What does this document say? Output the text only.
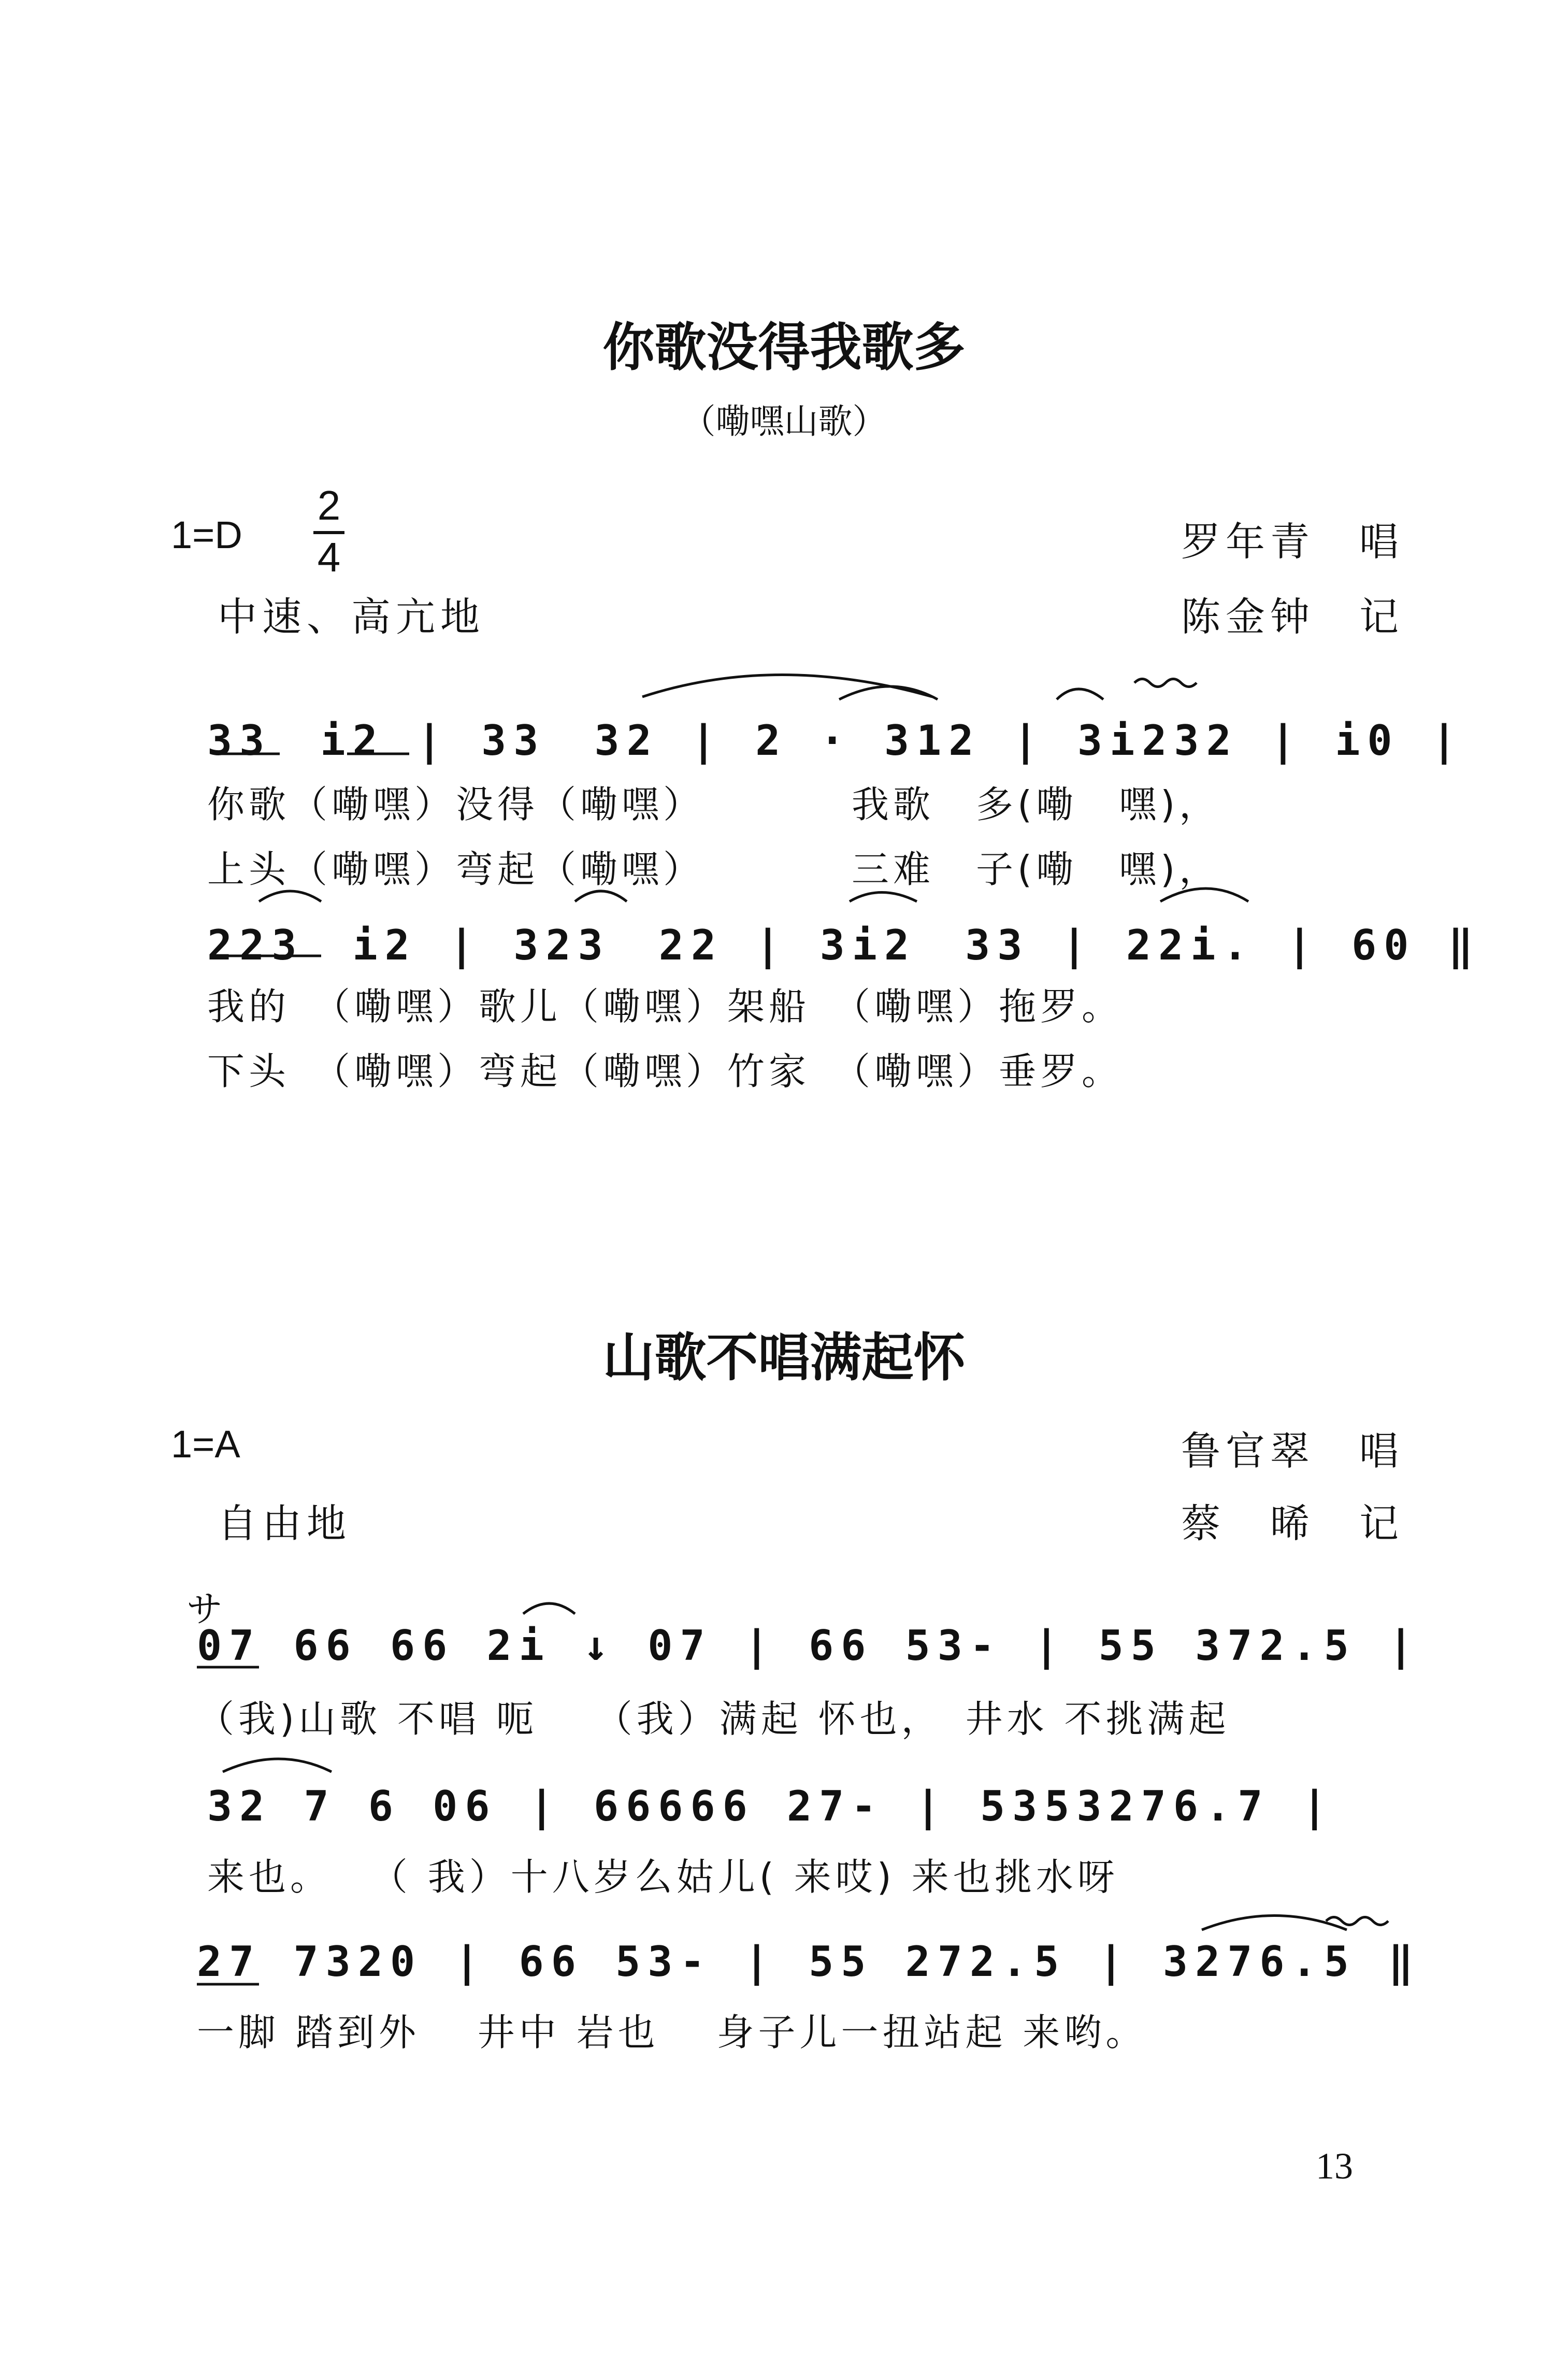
你歌没得我歌多
（嘞嘿山歌）
1=D
2
4	罗年青　唱
中速、高亢地	陈金钟　记
33　i2 | 33　32 | 2 · 312 | 3i232 | i0 |
你歌（嘞嘿）没得（嘞嘿）　　　　我歌　多(嘞　嘿)，
上头（嘞嘿）弯起（嘞嘿）　　　　三难　子(嘞　嘿)，
223　i2 | 323　22 | 3i2　33 | 22i. | 60 ‖
我的　（嘞嘿）歌儿（嘞嘿）架船　（嘞嘿）拖罗。
下头　（嘞嘿）弯起（嘞嘿）竹家　（嘞嘿）垂罗。
山歌不唱满起怀
1=A	鲁官翠　唱
自由地	蔡　晞　记
サ
07 66 66 2i ↓ 07 | 66 53- | 55 372.5 |
（我)山歌 不唱 呃　 （我）满起 怀也，　井水 不挑满起
32 7 6 06 | 66666 27- | 5353276.7 |
来也。　 （ 我）十八岁么姑儿( 来哎) 来也挑水呀
27 7320 | 66 53- | 55 272.5 | 3276.5 ‖
一脚 踏到外　 井中 岩也　 身子儿一扭站起 来哟。
13
